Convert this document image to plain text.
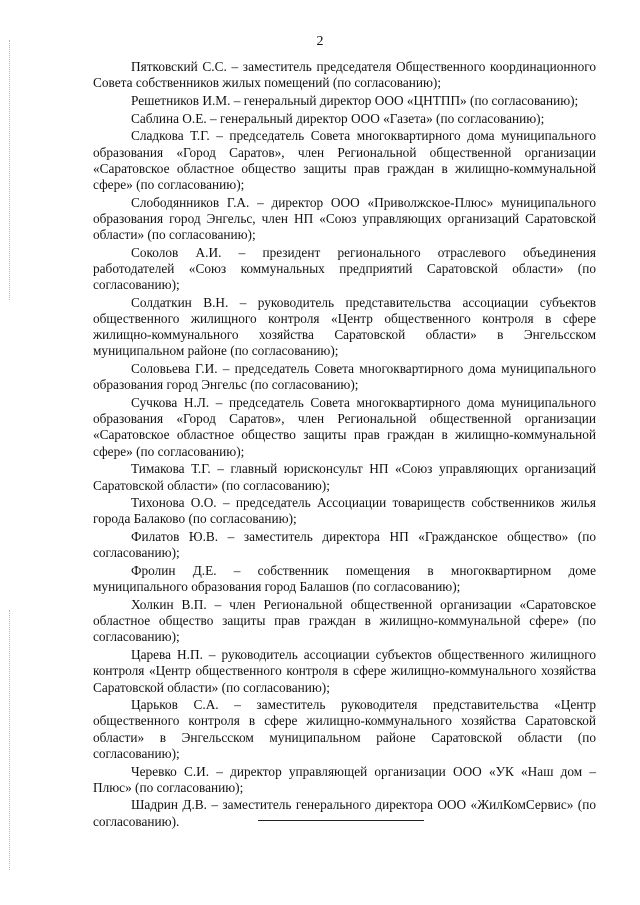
2

Пятковский С.С. – заместитель председателя Общественного координационного Совета собственников жилых помещений (по согласованию);

Решетников И.М. – генеральный директор ООО «ЦНТПП» (по согласованию);

Саблина О.Е. – генеральный директор ООО «Газета» (по согласованию);

Сладкова Т.Г. – председатель Совета многоквартирного дома муниципального образования «Город Саратов», член Региональной общественной организации «Саратовское областное общество защиты прав граждан в жилищно-коммунальной сфере» (по согласованию);

Слободянников Г.А. – директор ООО «Приволжское-Плюс» муниципального образования город Энгельс, член НП «Союз управляющих организаций Саратовской области» (по согласованию);

Соколов А.И. – президент регионального отраслевого объединения работодателей «Союз коммунальных предприятий Саратовской области» (по согласованию);

Солдаткин В.Н. – руководитель представительства ассоциации субъектов общественного жилищного контроля «Центр общественного контроля в сфере жилищно-коммунального хозяйства Саратовской области» в Энгельсском муниципальном районе (по согласованию);

Соловьева Г.И. – председатель Совета многоквартирного дома муниципального образования город Энгельс (по согласованию);

Сучкова Н.Л. – председатель Совета многоквартирного дома муниципального образования «Город Саратов», член Региональной общественной организации «Саратовское областное общество защиты прав граждан в жилищно-коммунальной сфере» (по согласованию);

Тимакова Т.Г. – главный юрисконсульт НП «Союз управляющих организаций Саратовской области» (по согласованию);

Тихонова О.О. – председатель Ассоциации товариществ собственников жилья города Балаково (по согласованию);

Филатов Ю.В. – заместитель директора НП «Гражданское общество» (по согласованию);

Фролин Д.Е. – собственник помещения в многоквартирном доме муниципального образования город Балашов (по согласованию);

Холкин В.П. – член Региональной общественной организации «Саратовское областное общество защиты прав граждан в жилищно-коммунальной сфере» (по согласованию);

Царева Н.П. – руководитель ассоциации субъектов общественного жилищного контроля «Центр общественного контроля в сфере жилищно-коммунального хозяйства Саратовской области» (по согласованию);

Царьков С.А. – заместитель руководителя представительства «Центр общественного контроля в сфере жилищно-коммунального хозяйства Саратовской области» в Энгельсском муниципальном районе Саратовской области (по согласованию);

Черевко С.И. – директор управляющей организации ООО «УК «Наш дом – Плюс» (по согласованию);

Шадрин Д.В. – заместитель генерального директора ООО «ЖилКомСервис» (по согласованию).
